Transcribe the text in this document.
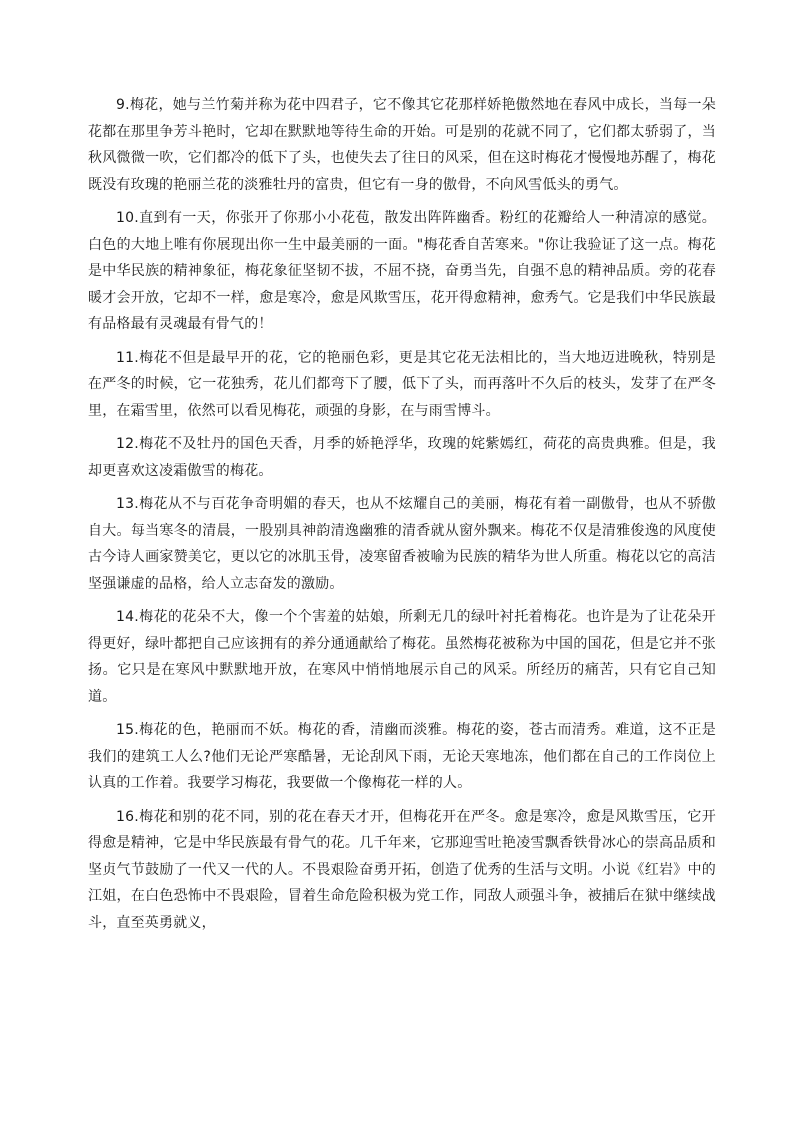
9.梅花，她与兰竹菊并称为花中四君子，它不像其它花那样娇艳傲然地在春风中成长，当每一朵花都在那里争芳斗艳时，它却在默默地等待生命的开始。可是别的花就不同了，它们都太骄弱了，当秋风微微一吹，它们都冷的低下了头，也使失去了往日的风采，但在这时梅花才慢慢地苏醒了，梅花既没有玫瑰的艳丽兰花的淡雅牡丹的富贵，但它有一身的傲骨，不向风雪低头的勇气。

10.直到有一天，你张开了你那小小花苞，散发出阵阵幽香。粉红的花瓣给人一种清凉的感觉。白色的大地上唯有你展现出你一生中最美丽的一面。"梅花香自苦寒来。"你让我验证了这一点。梅花是中华民族的精神象征，梅花象征坚韧不拔，不屈不挠，奋勇当先，自强不息的精神品质。旁的花春暖才会开放，它却不一样，愈是寒冷，愈是风欺雪压，花开得愈精神，愈秀气。它是我们中华民族最有品格最有灵魂最有骨气的！

11.梅花不但是最早开的花，它的艳丽色彩，更是其它花无法相比的，当大地迈进晚秋，特别是在严冬的时候，它一花独秀，花儿们都弯下了腰，低下了头，而再落叶不久后的枝头，发芽了在严冬里，在霜雪里，依然可以看见梅花，顽强的身影，在与雨雪博斗。

12.梅花不及牡丹的国色天香，月季的娇艳浮华，玫瑰的姹紫嫣红，荷花的高贵典雅。但是，我却更喜欢这凌霜傲雪的梅花。

13.梅花从不与百花争奇明媚的春天，也从不炫耀自己的美丽，梅花有着一副傲骨，也从不骄傲自大。每当寒冬的清晨，一股别具神韵清逸幽雅的清香就从窗外飘来。梅花不仅是清雅俊逸的风度使古今诗人画家赞美它，更以它的冰肌玉骨，凌寒留香被喻为民族的精华为世人所重。梅花以它的高洁坚强谦虚的品格，给人立志奋发的激励。

14.梅花的花朵不大，像一个个害羞的姑娘，所剩无几的绿叶衬托着梅花。也许是为了让花朵开得更好，绿叶都把自己应该拥有的养分通通献给了梅花。虽然梅花被称为中国的国花，但是它并不张扬。它只是在寒风中默默地开放，在寒风中悄悄地展示自己的风采。所经历的痛苦，只有它自己知道。

15.梅花的色，艳丽而不妖。梅花的香，清幽而淡雅。梅花的姿，苍古而清秀。难道，这不正是我们的建筑工人么?他们无论严寒酷暑，无论刮风下雨，无论天寒地冻，他们都在自己的工作岗位上认真的工作着。我要学习梅花，我要做一个像梅花一样的人。

16.梅花和别的花不同，别的花在春天才开，但梅花开在严冬。愈是寒冷，愈是风欺雪压，它开得愈是精神，它是中华民族最有骨气的花。几千年来，它那迎雪吐艳凌雪飘香铁骨冰心的崇高品质和坚贞气节鼓励了一代又一代的人。不畏艰险奋勇开拓，创造了优秀的生活与文明。小说《红岩》中的江姐，在白色恐怖中不畏艰险，冒着生命危险积极为党工作，同敌人顽强斗争，被捕后在狱中继续战斗，直至英勇就义，
